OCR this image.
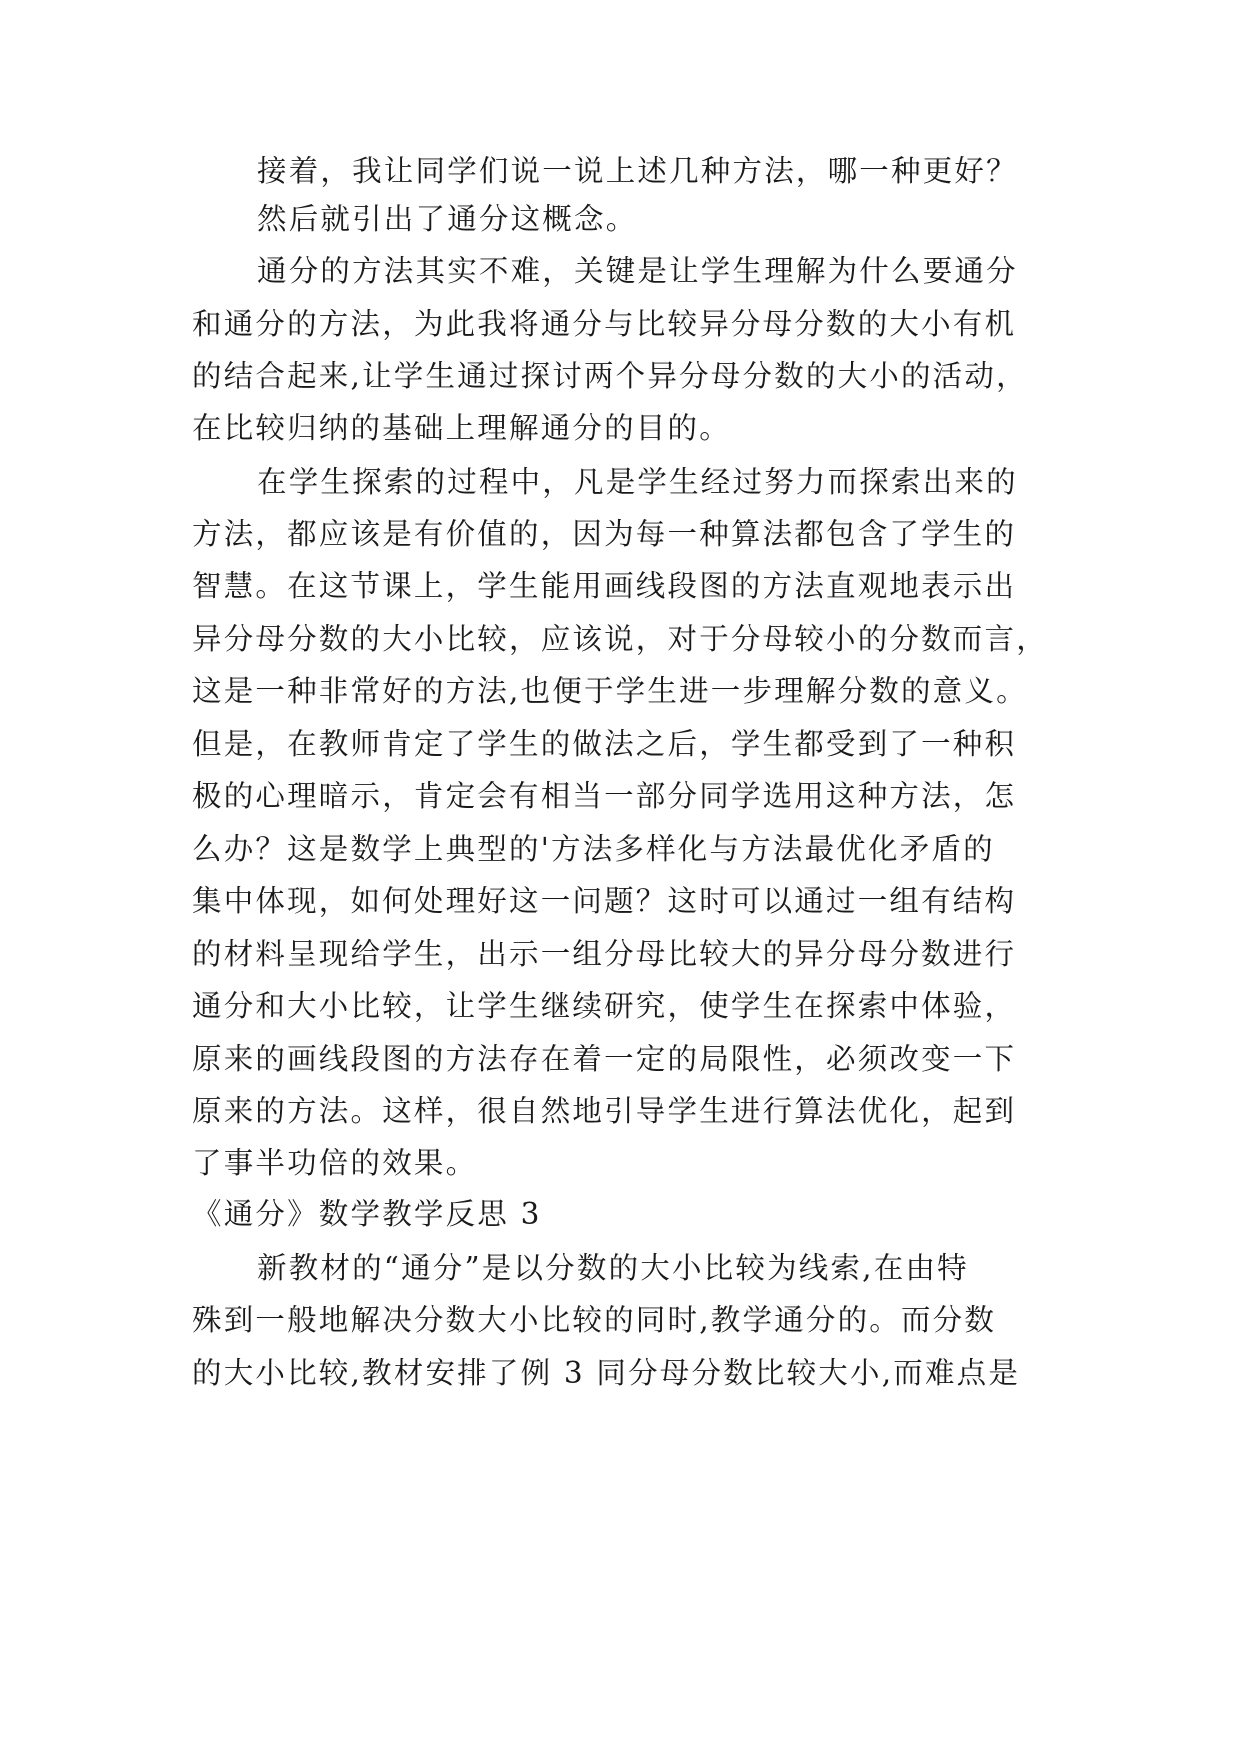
接着，我让同学们说一说上述几种方法，哪一种更好？
然后就引出了通分这概念。
通分的方法其实不难，关键是让学生理解为什么要通分
和通分的方法，为此我将通分与比较异分母分数的大小有机
的结合起来,让学生通过探讨两个异分母分数的大小的活动，
在比较归纳的基础上理解通分的目的。
在学生探索的过程中，凡是学生经过努力而探索出来的
方法，都应该是有价值的，因为每一种算法都包含了学生的
智慧。在这节课上，学生能用画线段图的方法直观地表示出
异分母分数的大小比较，应该说，对于分母较小的分数而言，
这是一种非常好的方法,也便于学生进一步理解分数的意义。
但是，在教师肯定了学生的做法之后，学生都受到了一种积
极的心理暗示，肯定会有相当一部分同学选用这种方法，怎
么办？这是数学上典型的'方法多样化与方法最优化矛盾的
集中体现，如何处理好这一问题？这时可以通过一组有结构
的材料呈现给学生，出示一组分母比较大的异分母分数进行
通分和大小比较，让学生继续研究，使学生在探索中体验，
原来的画线段图的方法存在着一定的局限性，必须改变一下
原来的方法。这样，很自然地引导学生进行算法优化，起到
了事半功倍的效果。
《通分》数学教学反思 3
新教材的“通分”是以分数的大小比较为线索,在由特
殊到一般地解决分数大小比较的同时,教学通分的。而分数
的大小比较,教材安排了例 3 同分母分数比较大小,而难点是
